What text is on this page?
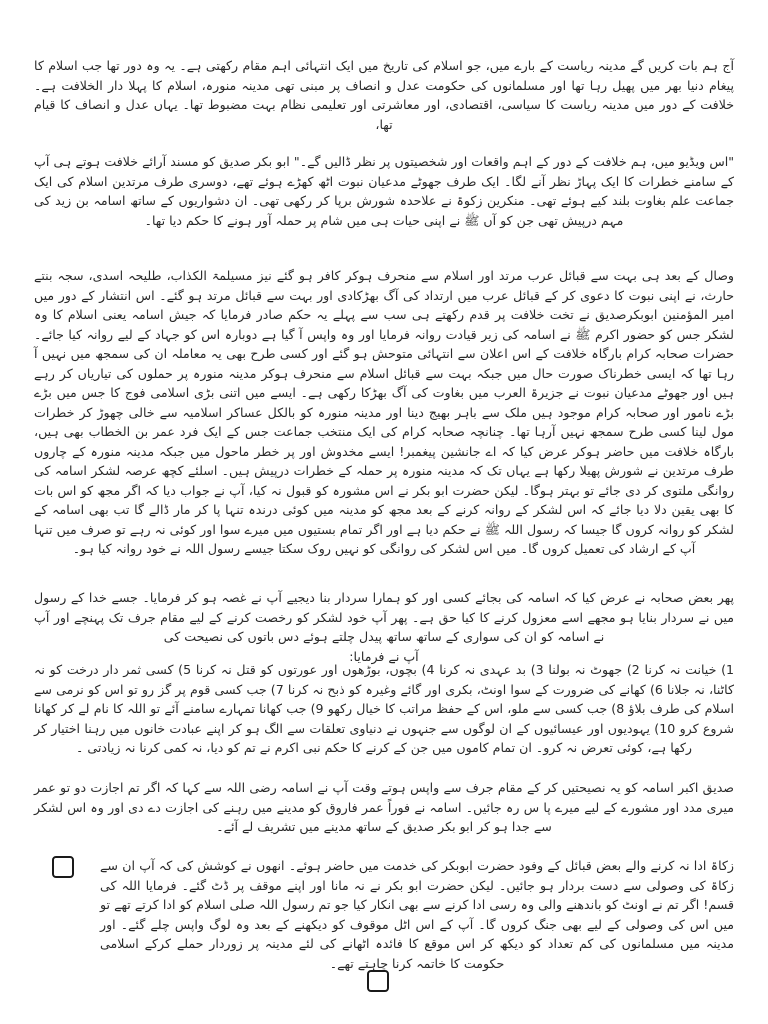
آج ہم بات کریں گے مدینہ ریاست کے بارے میں، جو اسلام کی تاریخ میں ایک انتہائی اہم مقام رکھتی ہے۔ یہ وہ دور تھا جب اسلام کا پیغام دنیا بھر میں پھیل رہا تھا اور مسلمانوں کی حکومت عدل و انصاف پر مبنی تھی مدینہ منورہ، اسلام کا پہلا دار الخلافت ہے۔ خلافت کے دور میں مدینہ ریاست کا سیاسی، اقتصادی، اور معاشرتی اور تعلیمی نظام بہت مضبوط تھا۔ یہاں عدل و انصاف کا قیام تھا،

"اس ویڈیو میں، ہم خلافت کے دور کے اہم واقعات اور شخصیتوں پر نظر ڈالیں گے۔" ابو بکر صدیق کو مسند آرائے خلافت ہوتے ہی آپ کے سامنے خطرات کا ایک پہاڑ نظر آنے لگا۔ ایک طرف جھوٹے مدعیان نبوت اٹھ کھڑے ہوئے تھے، دوسری طرف مرتدین اسلام کی ایک جماعت علم بغاوت بلند کیے ہوئے تھی۔ منکرین زکوۃ نے علاحدہ شورش برپا کر رکھی تھی۔ ان دشواریوں کے ساتھ اسامہ بن زید کی مہم درپیش تھی جن کو آں ﷺ نے اپنی حیات ہی میں شام پر حملہ آور ہونے کا حکم دیا تھا۔

وصال کے بعد ہی بہت سے قبائل عرب مرتد اور اسلام سے منحرف ہوکر کافر ہو گئے نیز مسیلمۃ الکذاب، طلیحہ اسدی، سجہ بنتے حارث، نے اپنی نبوت کا دعوی کر کے قبائل عرب میں ارتداد کی آگ بھڑکادی اور بہت سے قبائل مرتد ہو گئے۔ اس انتشار کے دور میں امیر المؤمنین ابوبکرصدیق نے تخت خلافت پر قدم رکھتے ہی سب سے پہلے یہ حکم صادر فرمایا کہ جیش اسامہ یعنی اسلام کا وہ لشکر جس کو حضور اکرم ﷺ نے اسامہ کی زیر قیادت روانہ فرمایا اور وہ واپس آ گیا ہے دوبارہ اس کو جہاد کے لیے روانہ کیا جائے۔ حضرات صحابہ کرام بارگاہ خلافت کے اس اعلان سے انتہائی متوحش ہو گئے اور کسی طرح بھی یہ معاملہ ان کی سمجھ میں نہیں آ رہا تھا کہ ایسی خطرناک صورت حال میں جبکہ بہت سے قبائل اسلام سے منحرف ہوکر مدینہ منورہ پر حملوں کی تیاریاں کر رہے ہیں اور جھوٹے مدعیان نبوت نے جزیرۃ العرب میں بغاوت کی آگ بھڑکا رکھی ہے۔ ایسے میں اتنی بڑی اسلامی فوج کا جس میں بڑے بڑے نامور اور صحابہ کرام موجود ہیں ملک سے باہر بھیج دینا اور مدینہ منورہ کو بالکل عساکر اسلامیہ سے خالی چھوڑ کر خطرات مول لینا کسی طرح سمجھ نہیں آرہا تھا۔ چنانچہ صحابہ کرام کی ایک منتخب جماعت جس کے ایک فرد عمر بن الخطاب بھی ہیں، بارگاہ خلافت میں حاضر ہوکر عرض کیا کہ اے جانشین پیغمبر! ایسے مخدوش اور پر خطر ماحول میں جبکہ مدینہ منورہ کے چاروں طرف مرتدین نے شورش پھیلا رکھا ہے یہاں تک کہ مدینہ منورہ پر حملہ کے خطرات درپیش ہیں۔ اسلئے کچھ عرصہ لشکر اسامہ کی روانگی ملتوی کر دی جائے تو بہتر ہوگا۔ لیکن حضرت ابو بکر نے اس مشورہ کو قبول نہ کیا، آپ نے جواب دیا کہ اگر مجھ کو اس بات کا بھی یقین دلا دیا جائے کہ اس لشکر کے روانہ کرنے کے بعد مجھ کو مدینہ میں کوئی درندہ تنہا پا کر مار ڈالے گا تب بھی اسامہ کے لشکر کو روانہ کروں گا جیسا کہ رسول اللہ ﷺ نے حکم دیا ہے اور اگر تمام بستیوں میں میرے سوا اور کوئی نہ رہے تو صرف میں تنہا آپ کے ارشاد کی تعمیل کروں گا۔ میں اس لشکر کی روانگی کو نہیں روک سکتا جیسے رسول اللہ نے خود روانہ کیا ہو۔

پھر بعض صحابہ نے عرض کیا کہ اسامہ کی بجائے کسی اور کو ہمارا سردار بنا دیجیے آپ نے غصہ ہو کر فرمایا۔ جسے خدا کے رسول میں نے سردار بنایا ہو مجھے اسے معزول کرنے کا کیا حق ہے۔ پھر آپ خود لشکر کو رخصت کرنے کے لیے مقام جرف تک پہنچے اور آپ نے اسامہ کو ان کی سواری کے ساتھ ساتھ پیدل چلتے ہوئے دس باتوں کی نصیحت کی
آپ نے فرمایا:

1) خیانت نہ کرنا 2) جھوٹ نہ بولنا 3) بد عہدی نہ کرنا 4) بچوں، بوڑھوں اور عورتوں کو قتل نہ کرنا 5) کسی ثمر دار درخت کو نہ کاٹنا، نہ جلانا 6) کھانے کی ضرورت کے سوا اونٹ، بکری اور گائے وغیرہ کو ذبح نہ کرنا 7) جب کسی قوم پر گز رو تو اس کو نرمی سے اسلام کی طرف بلاؤ 8) جب کسی سے ملو، اس کے حفظ مراتب کا خیال رکھو 9) جب کھانا تمہارے سامنے آئے تو اللہ کا نام لے کر کھانا شروع کرو 10) یہودیوں اور عیسائیوں کے ان لوگوں سے جنہوں نے دنیاوی تعلقات سے الگ ہو کر اپنے عبادت خانوں میں رہنا اختیار کر رکھا ہے، کوئی تعرض نہ کرو۔ ان تمام کاموں میں جن کے کرنے کا حکم نبی اکرم نے تم کو دیا، نہ کمی کرنا نہ زیادتی ۔

صدیق اکبر اسامہ کو یہ نصیحتیں کر کے مقام جرف سے واپس ہوتے وقت آپ نے اسامہ رضی اللہ سے کہا کہ اگر تم اجازت دو تو عمر میری مدد اور مشورے کے لیے میرے پا س رہ جائیں۔ اسامہ نے فوراً عمر فاروق کو مدینے میں رہنے کی اجازت دے دی اور وہ اس لشکر سے جدا ہو کر ابو بکر صدیق کے ساتھ مدینے میں تشریف لے آئے۔

زکاۃ ادا نہ کرنے والے بعض قبائل کے وفود حضرت ابوبکر کی خدمت میں حاضر ہوئے۔ انھوں نے کوشش کی کہ آپ ان سے زکاۃ کی وصولی سے دست بردار ہو جائیں۔ لیکن حضرت ابو بکر نے نہ مانا اور اپنے موقف پر ڈٹ گئے۔ فرمایا اللہ کی قسم! اگر تم نے اونٹ کو باندھنے والی وہ رسی ادا کرنے سے بھی انکار کیا جو تم رسول اللہ صلی اسلام کو ادا کرتے تھے تو میں اس کی وصولی کے لیے بھی جنگ کروں گا۔ آپ کے اس اٹل موقوف کو دیکھنے کے بعد وہ لوگ واپس چلے گئے۔ اور مدینہ میں مسلمانوں کی کم تعداد کو دیکھ کر اس موقع کا فائدہ اٹھانے کی لئے مدینہ پر زوردار حملے کرکے اسلامی حکومت کا خاتمہ کرنا چاہتے تھے۔
